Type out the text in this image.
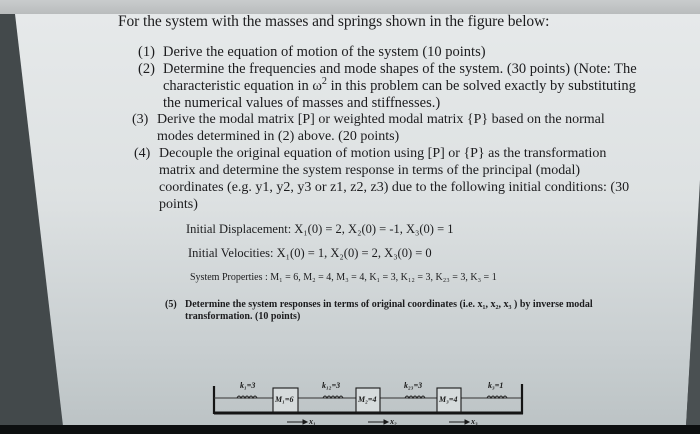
For the system with the masses and springs shown in the figure below:
(1) Derive the equation of motion of the system (10 points)
(2) Determine the frequencies and mode shapes of the system. (30 points) (Note: The characteristic equation in $\omega^2$ in this problem can be solved exactly by substituting the numerical values of masses and stiffnesses.)
(3) Derive the modal matrix [P] or weighted modal matrix {P} based on the normal modes determined in (2) above. (20 points)
(4) Decouple the original equation of motion using [P] or {P} as the transformation matrix and determine the system response in terms of the principal (modal) coordinates (e.g. y1, y2, y3 or z1, z2, z3) due to the following initial conditions: (30 points)
Initial Displacement: X₁(0) = 2, X₂(0) = -1, X₃(0) = 1
Initial Velocities: X₁(0) = 1, X₂(0) = 2, X₃(0) = 0
System Properties : M₁ = 6, M₂ = 4, M₃ = 4, K₁ = 3, K₁₂ = 3, K₂₃ = 3, K₃ = 1
(5) Determine the system responses in terms of original coordinates (i.e. x₁, x₂, x₃ ) by inverse modal transformation. (10 points)
k₁=3	k₁₂=3	k₂₃=3	k₃=1
M₁=6	M₂=4	M₃=4
x₁	x₂	x₃
